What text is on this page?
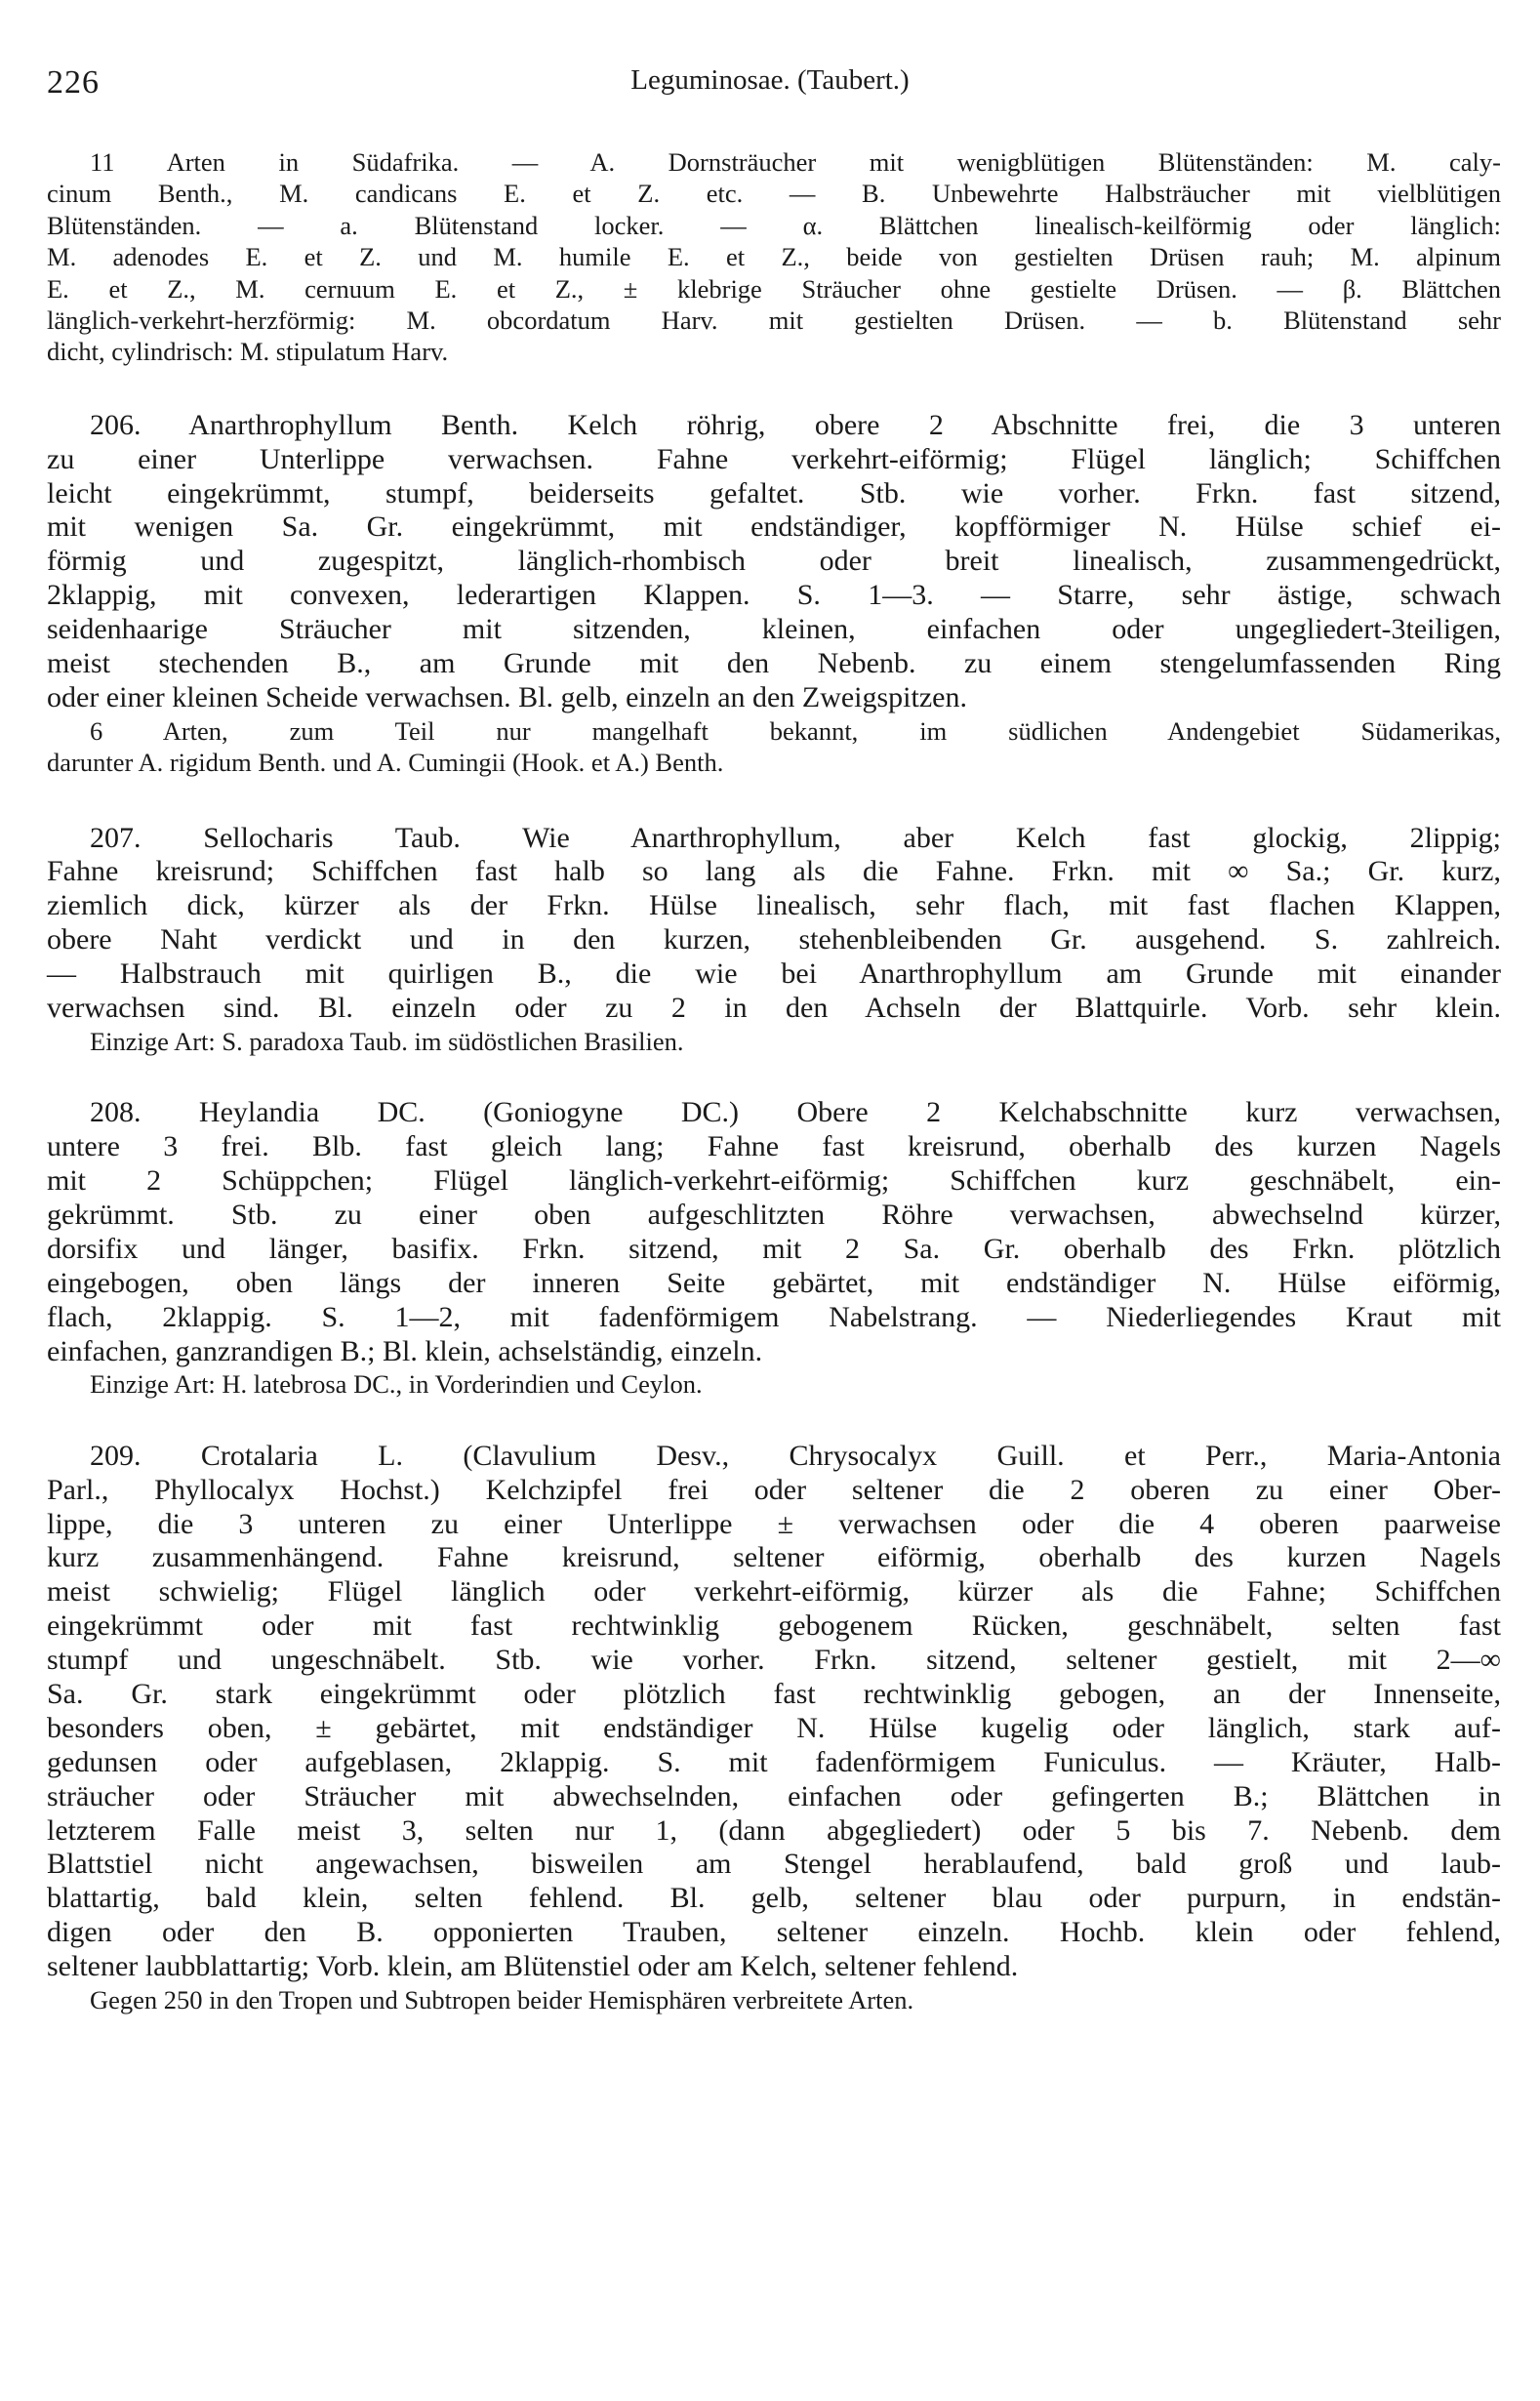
226	Leguminosae. (Taubert.)
11 Arten in Südafrika. — A. Dornsträucher mit wenigblütigen Blütenständen: M. caly-
cinum Benth., M. candicans E. et Z. etc. — B. Unbewehrte Halbsträucher mit vielblütigen
Blütenständen. — a. Blütenstand locker. — α. Blättchen linealisch-keilförmig oder länglich:
M. adenodes E. et Z. und M. humile E. et Z., beide von gestielten Drüsen rauh; M. alpinum
E. et Z., M. cernuum E. et Z., ± klebrige Sträucher ohne gestielte Drüsen. — β. Blättchen
länglich-verkehrt-herzförmig: M. obcordatum Harv. mit gestielten Drüsen. — b. Blütenstand sehr
dicht, cylindrisch: M. stipulatum Harv.
206. Anarthrophyllum Benth. Kelch röhrig, obere 2 Abschnitte frei, die 3 unteren
zu einer Unterlippe verwachsen. Fahne verkehrt-eiförmig; Flügel länglich; Schiffchen
leicht eingekrümmt, stumpf, beiderseits gefaltet. Stb. wie vorher. Frkn. fast sitzend,
mit wenigen Sa. Gr. eingekrümmt, mit endständiger, kopfförmiger N. Hülse schief ei-
förmig und zugespitzt, länglich-rhombisch oder breit linealisch, zusammengedrückt,
2klappig, mit convexen, lederartigen Klappen. S. 1—3. — Starre, sehr ästige, schwach
seidenhaarige Sträucher mit sitzenden, kleinen, einfachen oder ungegliedert-3teiligen,
meist stechenden B., am Grunde mit den Nebenb. zu einem stengelumfassenden Ring
oder einer kleinen Scheide verwachsen. Bl. gelb, einzeln an den Zweigspitzen.
6 Arten, zum Teil nur mangelhaft bekannt, im südlichen Andengebiet Südamerikas,
darunter A. rigidum Benth. und A. Cumingii (Hook. et A.) Benth.
207. Sellocharis Taub. Wie Anarthrophyllum, aber Kelch fast glockig, 2lippig;
Fahne kreisrund; Schiffchen fast halb so lang als die Fahne. Frkn. mit ∞ Sa.; Gr. kurz,
ziemlich dick, kürzer als der Frkn. Hülse linealisch, sehr flach, mit fast flachen Klappen,
obere Naht verdickt und in den kurzen, stehenbleibenden Gr. ausgehend. S. zahlreich.
— Halbstrauch mit quirligen B., die wie bei Anarthrophyllum am Grunde mit einander
verwachsen sind. Bl. einzeln oder zu 2 in den Achseln der Blattquirle. Vorb. sehr klein.
Einzige Art: S. paradoxa Taub. im südöstlichen Brasilien.
208. Heylandia DC. (Goniogyne DC.) Obere 2 Kelchabschnitte kurz verwachsen,
untere 3 frei. Blb. fast gleich lang; Fahne fast kreisrund, oberhalb des kurzen Nagels
mit 2 Schüppchen; Flügel länglich-verkehrt-eiförmig; Schiffchen kurz geschnäbelt, ein-
gekrümmt. Stb. zu einer oben aufgeschlitzten Röhre verwachsen, abwechselnd kürzer,
dorsifix und länger, basifix. Frkn. sitzend, mit 2 Sa. Gr. oberhalb des Frkn. plötzlich
eingebogen, oben längs der inneren Seite gebärtet, mit endständiger N. Hülse eiförmig,
flach, 2klappig. S. 1—2, mit fadenförmigem Nabelstrang. — Niederliegendes Kraut mit
einfachen, ganzrandigen B.; Bl. klein, achselständig, einzeln.
Einzige Art: H. latebrosa DC., in Vorderindien und Ceylon.
209. Crotalaria L. (Clavulium Desv., Chrysocalyx Guill. et Perr., Maria-Antonia
Parl., Phyllocalyx Hochst.) Kelchzipfel frei oder seltener die 2 oberen zu einer Ober-
lippe, die 3 unteren zu einer Unterlippe ± verwachsen oder die 4 oberen paarweise
kurz zusammenhängend. Fahne kreisrund, seltener eiförmig, oberhalb des kurzen Nagels
meist schwielig; Flügel länglich oder verkehrt-eiförmig, kürzer als die Fahne; Schiffchen
eingekrümmt oder mit fast rechtwinklig gebogenem Rücken, geschnäbelt, selten fast
stumpf und ungeschnäbelt. Stb. wie vorher. Frkn. sitzend, seltener gestielt, mit 2—∞
Sa. Gr. stark eingekrümmt oder plötzlich fast rechtwinklig gebogen, an der Innenseite,
besonders oben, ± gebärtet, mit endständiger N. Hülse kugelig oder länglich, stark auf-
gedunsen oder aufgeblasen, 2klappig. S. mit fadenförmigem Funiculus. — Kräuter, Halb-
sträucher oder Sträucher mit abwechselnden, einfachen oder gefingerten B.; Blättchen in
letzterem Falle meist 3, selten nur 1, (dann abgegliedert) oder 5 bis 7. Nebenb. dem
Blattstiel nicht angewachsen, bisweilen am Stengel herablaufend, bald groß und laub-
blattartig, bald klein, selten fehlend. Bl. gelb, seltener blau oder purpurn, in endstän-
digen oder den B. opponierten Trauben, seltener einzeln. Hochb. klein oder fehlend,
seltener laubblattartig; Vorb. klein, am Blütenstiel oder am Kelch, seltener fehlend.
Gegen 250 in den Tropen und Subtropen beider Hemisphären verbreitete Arten.
